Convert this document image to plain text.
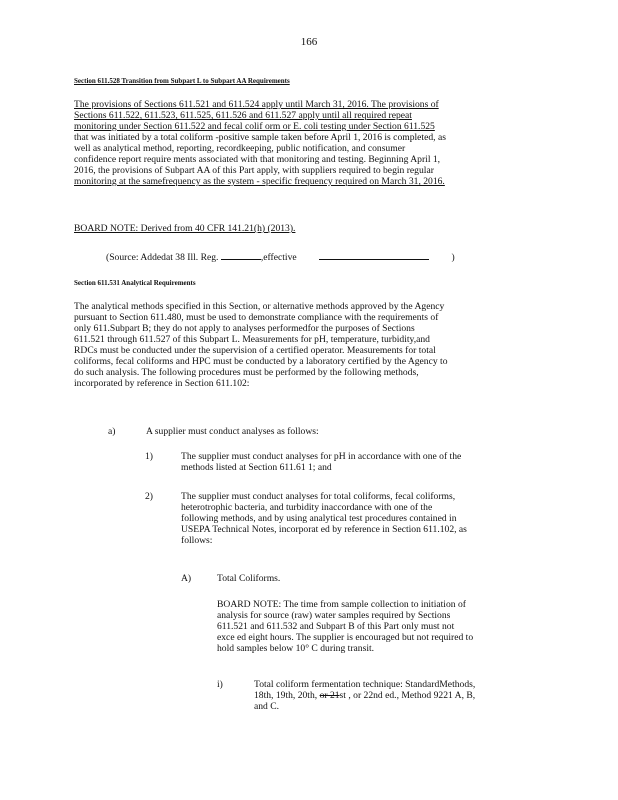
166
Section 611.528 Transition from Subpart L to Subpart AA Requirements
The provisions of Sections 611.521 and 611.524 apply until March 31, 2016. The provisions of
Sections 611.522, 611.523, 611.525, 611.526 and 611.527 apply until all required repeat
monitoring under Section 611.522 and fecal colif orm or E. coli testing under Section 611.525
that was initiated by a total coliform -positive sample taken before April 1, 2016 is completed, as
well as analytical method, reporting, recordkeeping, public notification, and consumer
confidence report require ments associated with that monitoring and testing. Beginning April 1,
2016, the provisions of Subpart AA of this Part apply, with suppliers required to begin regular
monitoring at the samefrequency as the system - specific frequency required on March 31, 2016.
BOARD NOTE: Derived from 40 CFR 141.21(h) (2013).
(Source: Addedat 38 Ill. Reg.	,effective	)
Section 611.531 Analytical Requirements
The analytical methods specified in this Section, or alternative methods approved by the Agency
pursuant to Section 611.480, must be used to demonstrate compliance with the requirements of
only 611.Subpart B; they do not apply to analyses performedfor the purposes of Sections
611.521 through 611.527 of this Subpart L. Measurements for pH, temperature, turbidity,and
RDCs must be conducted under the supervision of a certified operator. Measurements for total
coliforms, fecal coliforms and HPC must be conducted by a laboratory certified by the Agency to
do such analysis. The following procedures must be performed by the following methods,
incorporated by reference in Section 611.102:
a)	A supplier must conduct analyses as follows:
1)	The supplier must conduct analyses for pH in accordance with one of the
methods listed at Section 611.61 1; and
2)	The supplier must conduct analyses for total coliforms, fecal coliforms,
heterotrophic bacteria, and turbidity inaccordance with one of the
following methods, and by using analytical test procedures contained in
USEPA Technical Notes, incorporat ed by reference in Section 611.102, as
follows:
A)	Total Coliforms.
BOARD NOTE: The time from sample collection to initiation of
analysis for source (raw) water samples required by Sections
611.521 and 611.532 and Subpart B of this Part only must not
exce ed eight hours. The supplier is encouraged but not required to
hold samples below 10° C during transit.
i)	Total coliform fermentation technique: StandardMethods,
18th, 19th, 20th, or 21st , or 22nd ed., Method 9221 A, B,
and C.
